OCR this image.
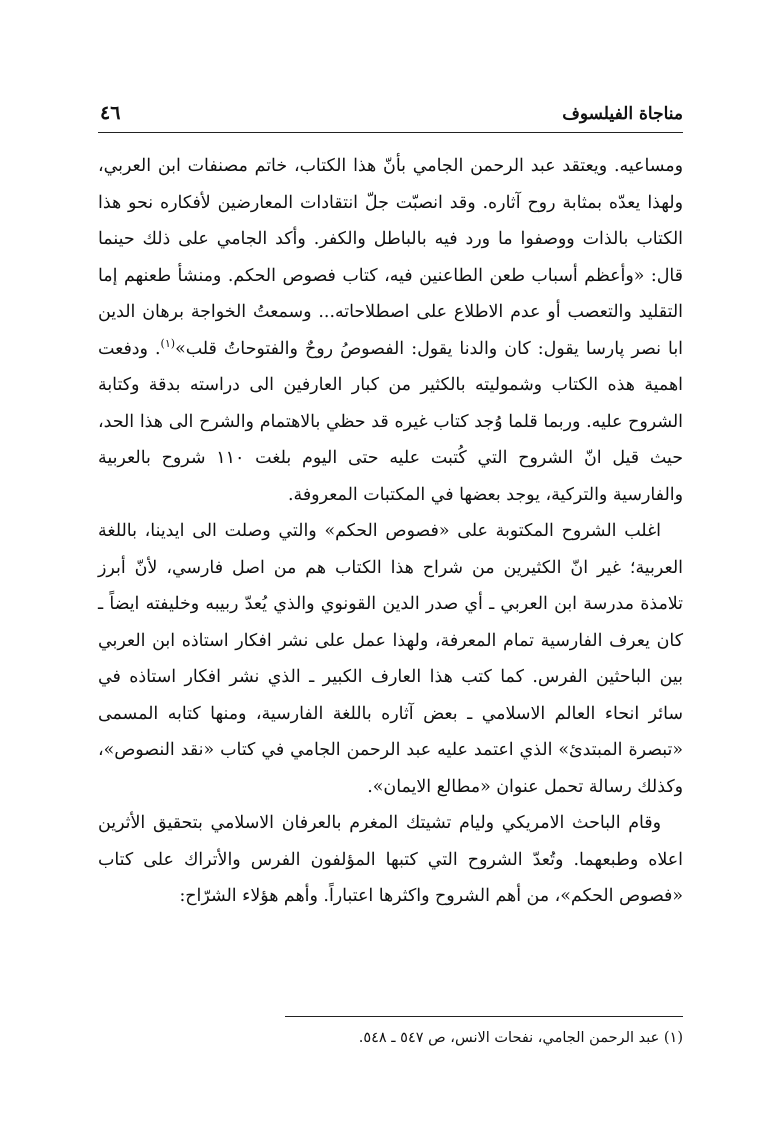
مناجاة الفيلسوف
٤٦

ومساعيه. ويعتقد عبد الرحمن الجامي بأنّ هذا الكتاب، خاتم مصنفات ابن العربي، ولهذا يعدّه بمثابة روح آثاره. وقد انصبّت جلّ انتقادات المعارضين لأفكاره نحو هذا الكتاب بالذات ووصفوا ما ورد فيه بالباطل والكفر. وأكد الجامي على ذلك حينما قال: «وأعظم أسباب طعن الطاعنين فيه، كتاب فصوص الحكم. ومنشأ طعنهم إما التقليد والتعصب أو عدم الاطلاع على اصطلاحاته... وسمعتُ الخواجة برهان الدين ابا نصر پارسا يقول: كان والدنا يقول: الفصوصُ روحٌ والفتوحاتُ قلب»$^{(١)}$. ودفعت اهمية هذه الكتاب وشموليته بالكثير من كبار العارفين الى دراسته بدقة وكتابة الشروح عليه. وربما قلما وُجد كتاب غيره قد حظي بالاهتمام والشرح الى هذا الحد، حيث قيل انّ الشروح التي كُتبت عليه حتى اليوم بلغت ١١٠ شروح بالعربية والفارسية والتركية، يوجد بعضها في المكتبات المعروفة.

اغلب الشروح المكتوبة على «فصوص الحكم» والتي وصلت الى ايدينا، باللغة العربية؛ غير انّ الكثيرين من شراح هذا الكتاب هم من اصل فارسي، لأنّ أبرز تلامذة مدرسة ابن العربي ـ أي صدر الدين القونوي والذي يُعدّ ربيبه وخليفته ايضاً ـ كان يعرف الفارسية تمام المعرفة، ولهذا عمل على نشر افكار استاذه ابن العربي بين الباحثين الفرس. كما كتب هذا العارف الكبير ـ الذي نشر افكار استاذه في سائر انحاء العالم الاسلامي ـ بعض آثاره باللغة الفارسية، ومنها كتابه المسمى «تبصرة المبتدئ» الذي اعتمد عليه عبد الرحمن الجامي في كتاب «نقد النصوص»، وكذلك رسالة تحمل عنوان «مطالع الايمان».

وقام الباحث الامريكي وليام تشيتك المغرم بالعرفان الاسلامي بتحقيق الأثرين اعلاه وطبعهما. وتُعدّ الشروح التي كتبها المؤلفون الفرس والأتراك على كتاب «فصوص الحكم»، من أهم الشروح واكثرها اعتباراً. وأهم هؤلاء الشرّاح:

(١) عبد الرحمن الجامي، نفحات الانس، ص ٥٤٧ ـ ٥٤٨.
